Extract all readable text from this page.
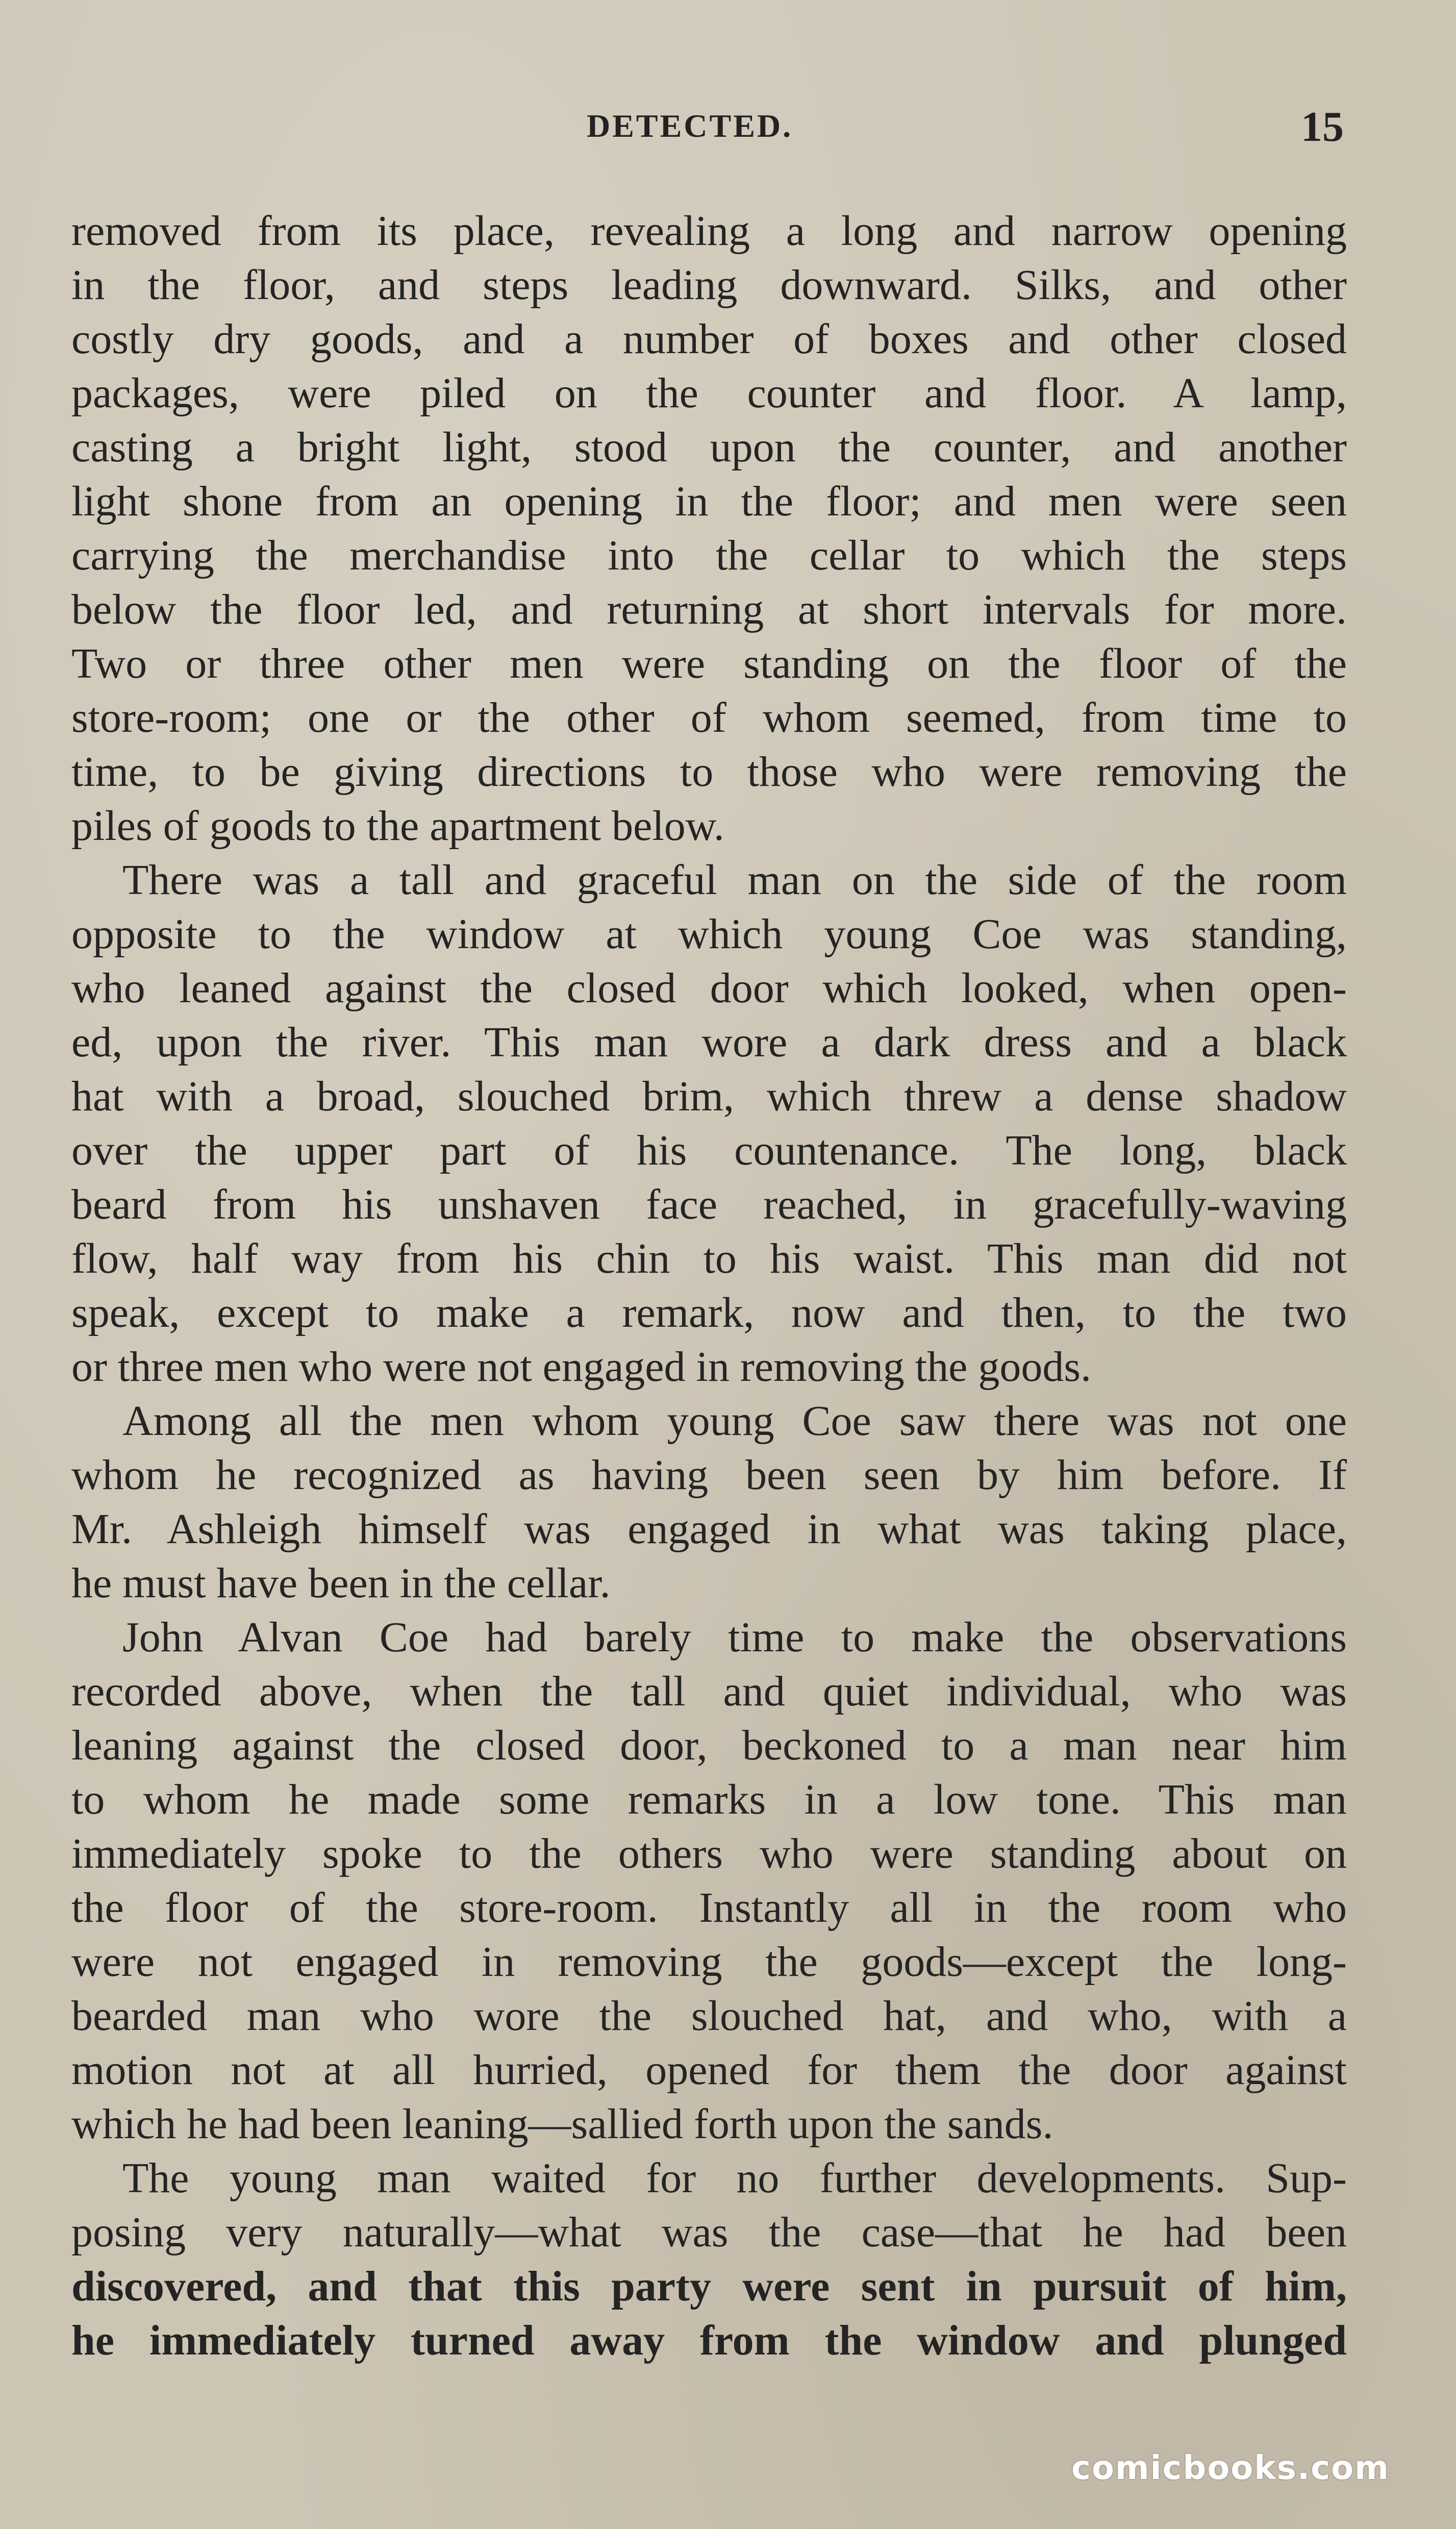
DETECTED.	15

removed from its place, revealing a long and narrow opening
in the floor, and steps leading downward. Silks, and other
costly dry goods, and a number of boxes and other closed
packages, were piled on the counter and floor. A lamp,
casting a bright light, stood upon the counter, and another
light shone from an opening in the floor; and men were seen
carrying the merchandise into the cellar to which the steps
below the floor led, and returning at short intervals for more.
Two or three other men were standing on the floor of the
store-room; one or the other of whom seemed, from time to
time, to be giving directions to those who were removing the
piles of goods to the apartment below.

There was a tall and graceful man on the side of the room
opposite to the window at which young Coe was standing,
who leaned against the closed door which looked, when open-
ed, upon the river. This man wore a dark dress and a black
hat with a broad, slouched brim, which threw a dense shadow
over the upper part of his countenance. The long, black
beard from his unshaven face reached, in gracefully-waving
flow, half way from his chin to his waist. This man did not
speak, except to make a remark, now and then, to the two
or three men who were not engaged in removing the goods.

Among all the men whom young Coe saw there was not one
whom he recognized as having been seen by him before. If
Mr. Ashleigh himself was engaged in what was taking place,
he must have been in the cellar.

John Alvan Coe had barely time to make the observations
recorded above, when the tall and quiet individual, who was
leaning against the closed door, beckoned to a man near him
to whom he made some remarks in a low tone. This man
immediately spoke to the others who were standing about on
the floor of the store-room. Instantly all in the room who
were not engaged in removing the goods—except the long-
bearded man who wore the slouched hat, and who, with a
motion not at all hurried, opened for them the door against
which he had been leaning—sallied forth upon the sands.

The young man waited for no further developments. Sup-
posing very naturally—what was the case—that he had been
discovered, and that this party were sent in pursuit of him,
he immediately turned away from the window and plunged

comicbooks.com
